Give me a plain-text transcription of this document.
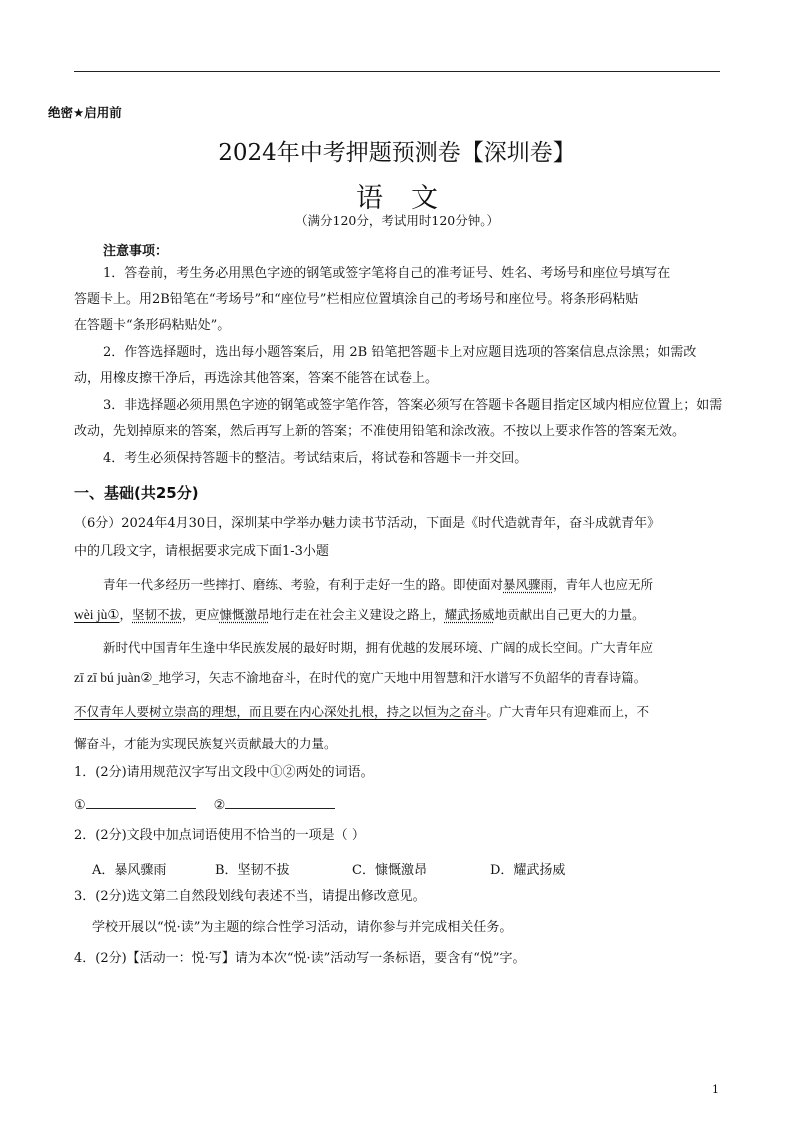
绝密★启用前
2024年中考押题预测卷【深圳卷】
语文
（满分120分，考试用时120分钟。）
注意事项：
1．答卷前，考生务必用黑色字迹的钢笔或签字笔将自己的准考证号、姓名、考场号和座位号填写在
答题卡上。用2B铅笔在“考场号”和“座位号”栏相应位置填涂自己的考场号和座位号。将条形码粘贴
在答题卡“条形码粘贴处”。
2．作答选择题时，选出每小题答案后，用 2B 铅笔把答题卡上对应题目选项的答案信息点涂黑；如需改
动，用橡皮擦干净后，再选涂其他答案，答案不能答在试卷上。
3．非选择题必须用黑色字迹的钢笔或签字笔作答，答案必须写在答题卡各题目指定区域内相应位置上；如需
改动，先划掉原来的答案，然后再写上新的答案；不准使用铅笔和涂改液。不按以上要求作答的答案无效。
4．考生必须保持答题卡的整洁。考试结束后，将试卷和答题卡一并交回。
一、基础(共25分)
（6分）2024年4月30日，深圳某中学举办魅力读书节活动，下面是《时代造就青年，奋斗成就青年》
中的几段文字，请根据要求完成下面1-3小题
青年一代多经历一些摔打、磨练、考验，有利于走好一生的路。即使面对暴风骤雨，青年人也应无所
wèi jù①，坚韧不拔，更应慷慨激昂地行走在社会主义建设之路上，耀武扬威地贡献出自己更大的力量。
新时代中国青年生逢中华民族发展的最好时期，拥有优越的发展环境、广阔的成长空间。广大青年应
zī zī bú juàn②_地学习，矢志不渝地奋斗，在时代的宽广天地中用智慧和汗水谱写不负韶华的青春诗篇。
不仅青年人要树立崇高的理想，而且要在内心深处扎根，持之以恒为之奋斗。广大青年只有迎难而上，不
懈奋斗，才能为实现民族复兴贡献最大的力量。
1．(2分)请用规范汉字写出文段中①②两处的词语。
①	②
2．(2分)文段中加点词语使用不恰当的一项是（ ）
A．暴风骤雨	B．坚韧不拔	C．慷慨激昂	D．耀武扬威
3．(2分)选文第二自然段划线句表述不当，请提出修改意见。
学校开展以“悦·读”为主题的综合性学习活动，请你参与并完成相关任务。
4．(2分)【活动一：悦·写】请为本次“悦·读”活动写一条标语，要含有“悦”字。
1
